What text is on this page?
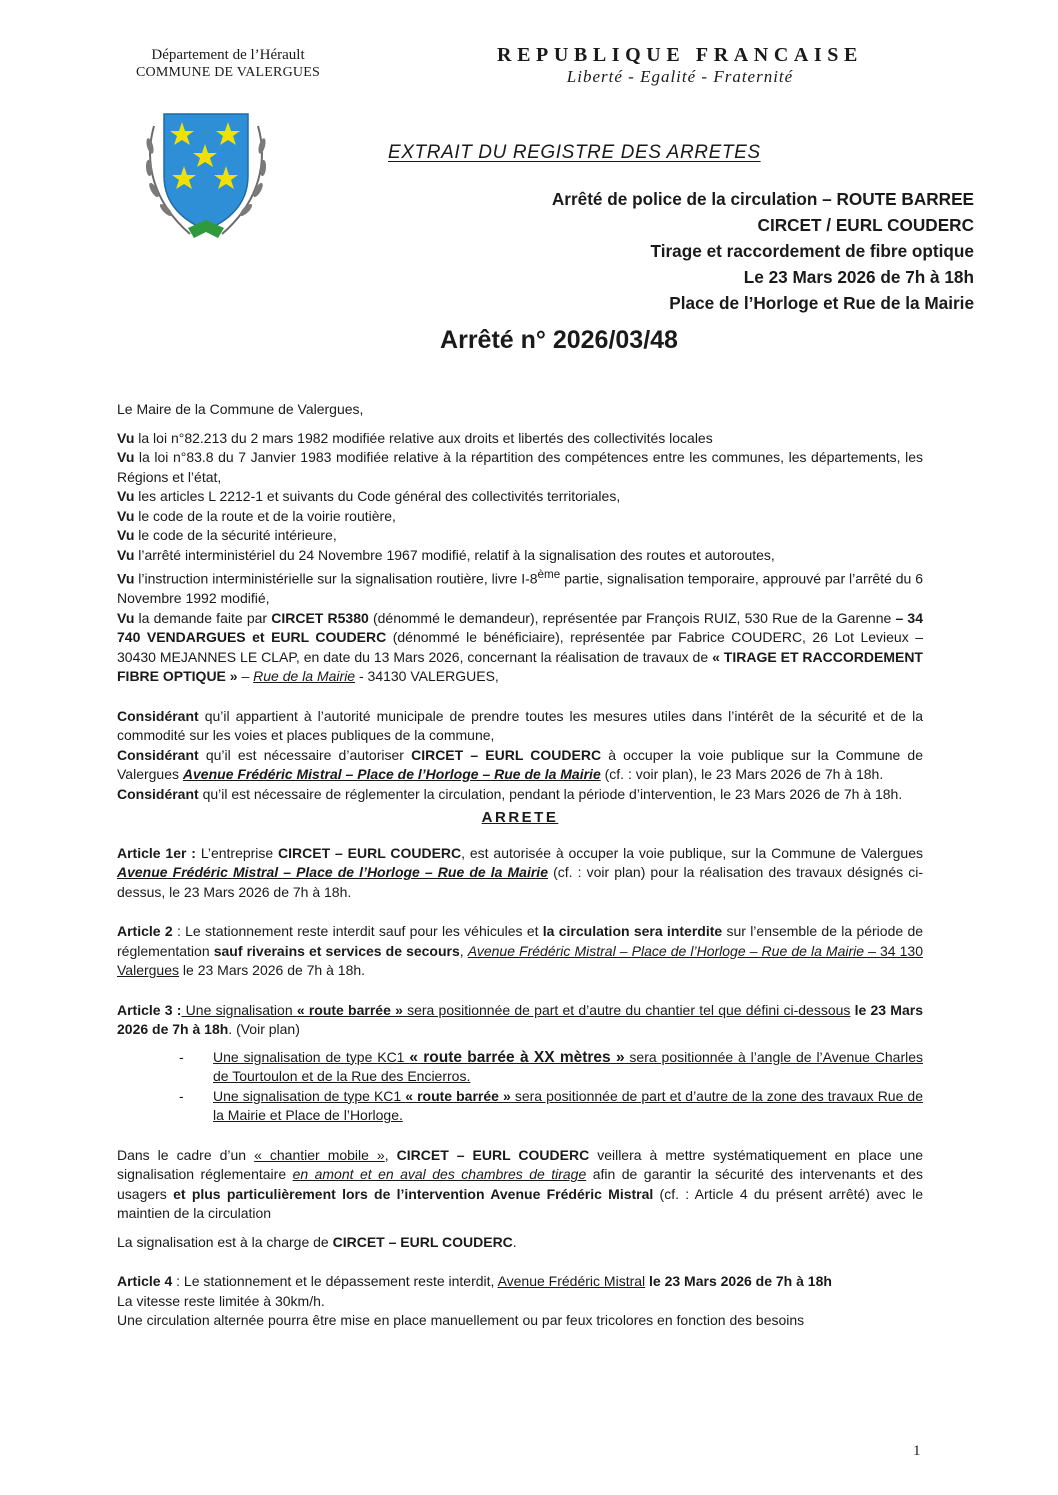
Département de l’Hérault
COMMUNE DE VALERGUES
REPUBLIQUE FRANCAISE
Liberté - Egalité - Fraternité
EXTRAIT DU REGISTRE DES ARRETES
Arrêté de police de la circulation – ROUTE BARREE
CIRCET / EURL COUDERC
Tirage et raccordement de fibre optique
Le 23 Mars 2026 de 7h à 18h
Place de l’Horloge et Rue de la Mairie
Arrêté n° 2026/03/48

Le Maire de la Commune de Valergues,

Vu la loi n°82.213 du 2 mars 1982 modifiée relative aux droits et libertés des collectivités locales

Vu la loi n°83.8 du 7 Janvier 1983 modifiée relative à la répartition des compétences entre les communes, les départements, les Régions et l’état,

Vu les articles L 2212-1 et suivants du Code général des collectivités territoriales,

Vu le code de la route et de la voirie routière,

Vu le code de la sécurité intérieure,

Vu l’arrêté interministériel du 24 Novembre 1967 modifié, relatif à la signalisation des routes et autoroutes,

Vu l’instruction interministérielle sur la signalisation routière, livre I-8ème partie, signalisation temporaire, approuvé par l’arrêté du 6 Novembre 1992 modifié,

Vu la demande faite par CIRCET R5380 (dénommé le demandeur), représentée par François RUIZ, 530 Rue de la Garenne – 34 740 VENDARGUES et EURL COUDERC (dénommé le bénéficiaire), représentée par Fabrice COUDERC, 26 Lot Levieux – 30430 MEJANNES LE CLAP, en date du 13 Mars 2026, concernant la réalisation de travaux de « TIRAGE ET RACCORDEMENT FIBRE OPTIQUE » – Rue de la Mairie - 34130 VALERGUES,

Considérant qu’il appartient à l’autorité municipale de prendre toutes les mesures utiles dans l’intérêt de la sécurité et de la commodité sur les voies et places publiques de la commune,

Considérant qu’il est nécessaire d’autoriser CIRCET – EURL COUDERC à occuper la voie publique sur la Commune de Valergues Avenue Frédéric Mistral – Place de l’Horloge – Rue de la Mairie (cf. : voir plan), le 23 Mars 2026 de 7h à 18h.

Considérant qu’il est nécessaire de réglementer la circulation, pendant la période d’intervention, le 23 Mars 2026 de 7h à 18h.

ARRETE

Article 1er : L’entreprise CIRCET – EURL COUDERC, est autorisée à occuper la voie publique, sur la Commune de Valergues Avenue Frédéric Mistral – Place de l’Horloge – Rue de la Mairie (cf. : voir plan) pour la réalisation des travaux désignés ci-dessus, le 23 Mars 2026 de 7h à 18h.

Article 2 : Le stationnement reste interdit sauf pour les véhicules et la circulation sera interdite sur l’ensemble de la période de réglementation sauf riverains et services de secours, Avenue Frédéric Mistral – Place de l’Horloge – Rue de la Mairie – 34 130 Valergues le 23 Mars 2026 de 7h à 18h.

Article 3 : Une signalisation « route barrée » sera positionnée de part et d’autre du chantier tel que défini ci-dessous le 23 Mars 2026 de 7h à 18h. (Voir plan)

- Une signalisation de type KC1 « route barrée à XX mètres » sera positionnée à l’angle de l’Avenue Charles de Tourtoulon et de la Rue des Encierros.
- Une signalisation de type KC1 « route barrée » sera positionnée de part et d’autre de la zone des travaux Rue de la Mairie et Place de l’Horloge.

Dans le cadre d’un « chantier mobile », CIRCET – EURL COUDERC veillera à mettre systématiquement en place une signalisation réglementaire en amont et en aval des chambres de tirage afin de garantir la sécurité des intervenants et des usagers et plus particulièrement lors de l’intervention Avenue Frédéric Mistral (cf. : Article 4 du présent arrêté) avec le maintien de la circulation

La signalisation est à la charge de CIRCET – EURL COUDERC.

Article 4 : Le stationnement et le dépassement reste interdit, Avenue Frédéric Mistral le 23 Mars 2026 de 7h à 18h

La vitesse reste limitée à 30km/h.

Une circulation alternée pourra être mise en place manuellement ou par feux tricolores en fonction des besoins

1
